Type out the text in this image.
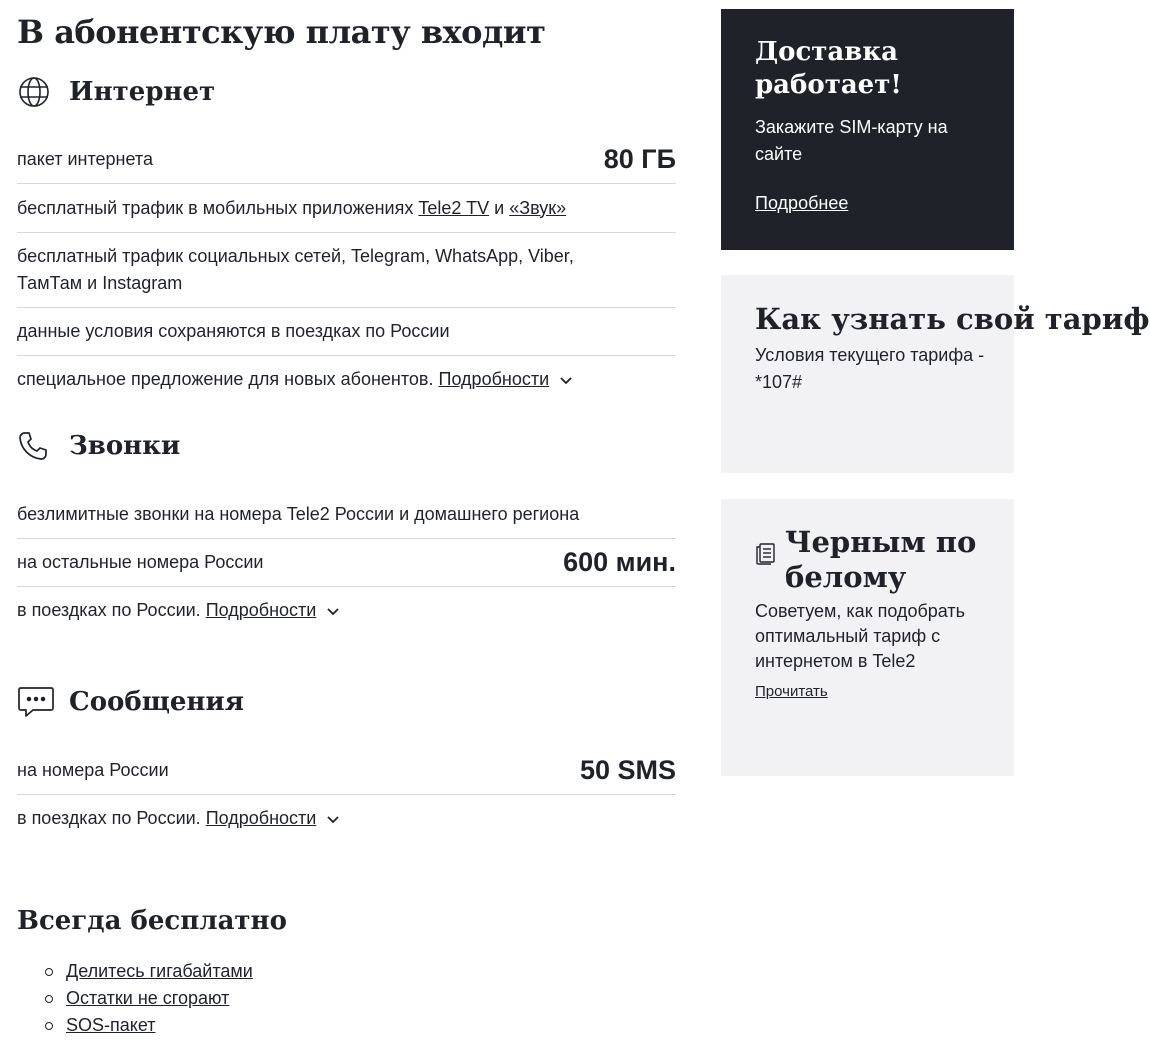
В абонентскую плату входит
Интернет
пакет интернета	80 ГБ
бесплатный трафик в мобильных приложениях Tele2 TV и «Звук»
бесплатный трафик социальных сетей, Telegram, WhatsApp, Viber, ТамТам и Instagram
данные условия сохраняются в поездках по России
специальное предложение для новых абонентов. Подробности
Звонки
безлимитные звонки на номера Tele2 России и домашнего региона
на остальные номера России	600 мин.
в поездках по России. Подробности
Сообщения
на номера России	50 SMS
в поездках по России. Подробности
Всегда бесплатно
Делитесь гигабайтами
Остатки не сгорают
SOS-пакет
Доставка работает!
Закажите SIM-карту на сайте
Подробнее
Как узнать свой тариф
Условия текущего тарифа - *107#
Черным по белому
Советуем, как подобрать оптимальный тариф с интернетом в Tele2
Прочитать
